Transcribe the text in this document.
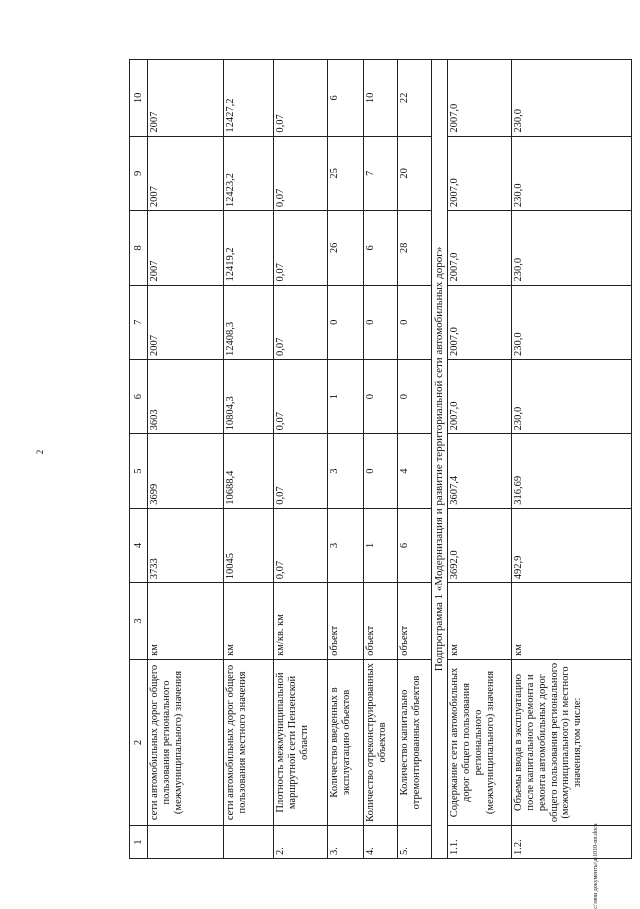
2
1	2	3	4	5	6	7	8	9	10
	сети автомобильных дорог общего пользования регионального (межмуниципального) значения	км	3733	3699	3603	2007	2007	2007	2007
	сети автомобильных дорог общего пользования местного значения	км	10045	10688,4	10804,3	12408,3	12419,2	12423,2	12427,2
2.	Плотность межмуниципальной маршрутной сети Пензенской области	км/кв. км	0,07	0,07	0,07	0,07	0,07	0,07	0,07
3.	Количество введенных в эксплуатацию объектов	объект	3	3	1	0	26	25	6
4.	Количество отреконструированных объектов	объект	1	0	0	0	6	7	10
5.	Количество капитально отремонтированных объектов	объект	6	4	0	0	28	20	22
Подпрограмма 1 «Модернизация и развитие территориальной сети автомобильных дорог»									
1.1.	Содержание сети автомобильных дорог общего пользования регионального (межмуниципального) значения	км	3692,0	3607,4	2007,0	2007,0	2007,0	2007,0	2007,0
1.2.	Объемы ввода в эксплуатацию после капитального ремонта и ремонта автомобильных дорог общего пользования регионального (межмуниципального) и местного значения,том числе:	км	492,9	316,69	230,0	230,0	230,0	230,0	230,0
с:\мои документы\д\1010-пп.docx
